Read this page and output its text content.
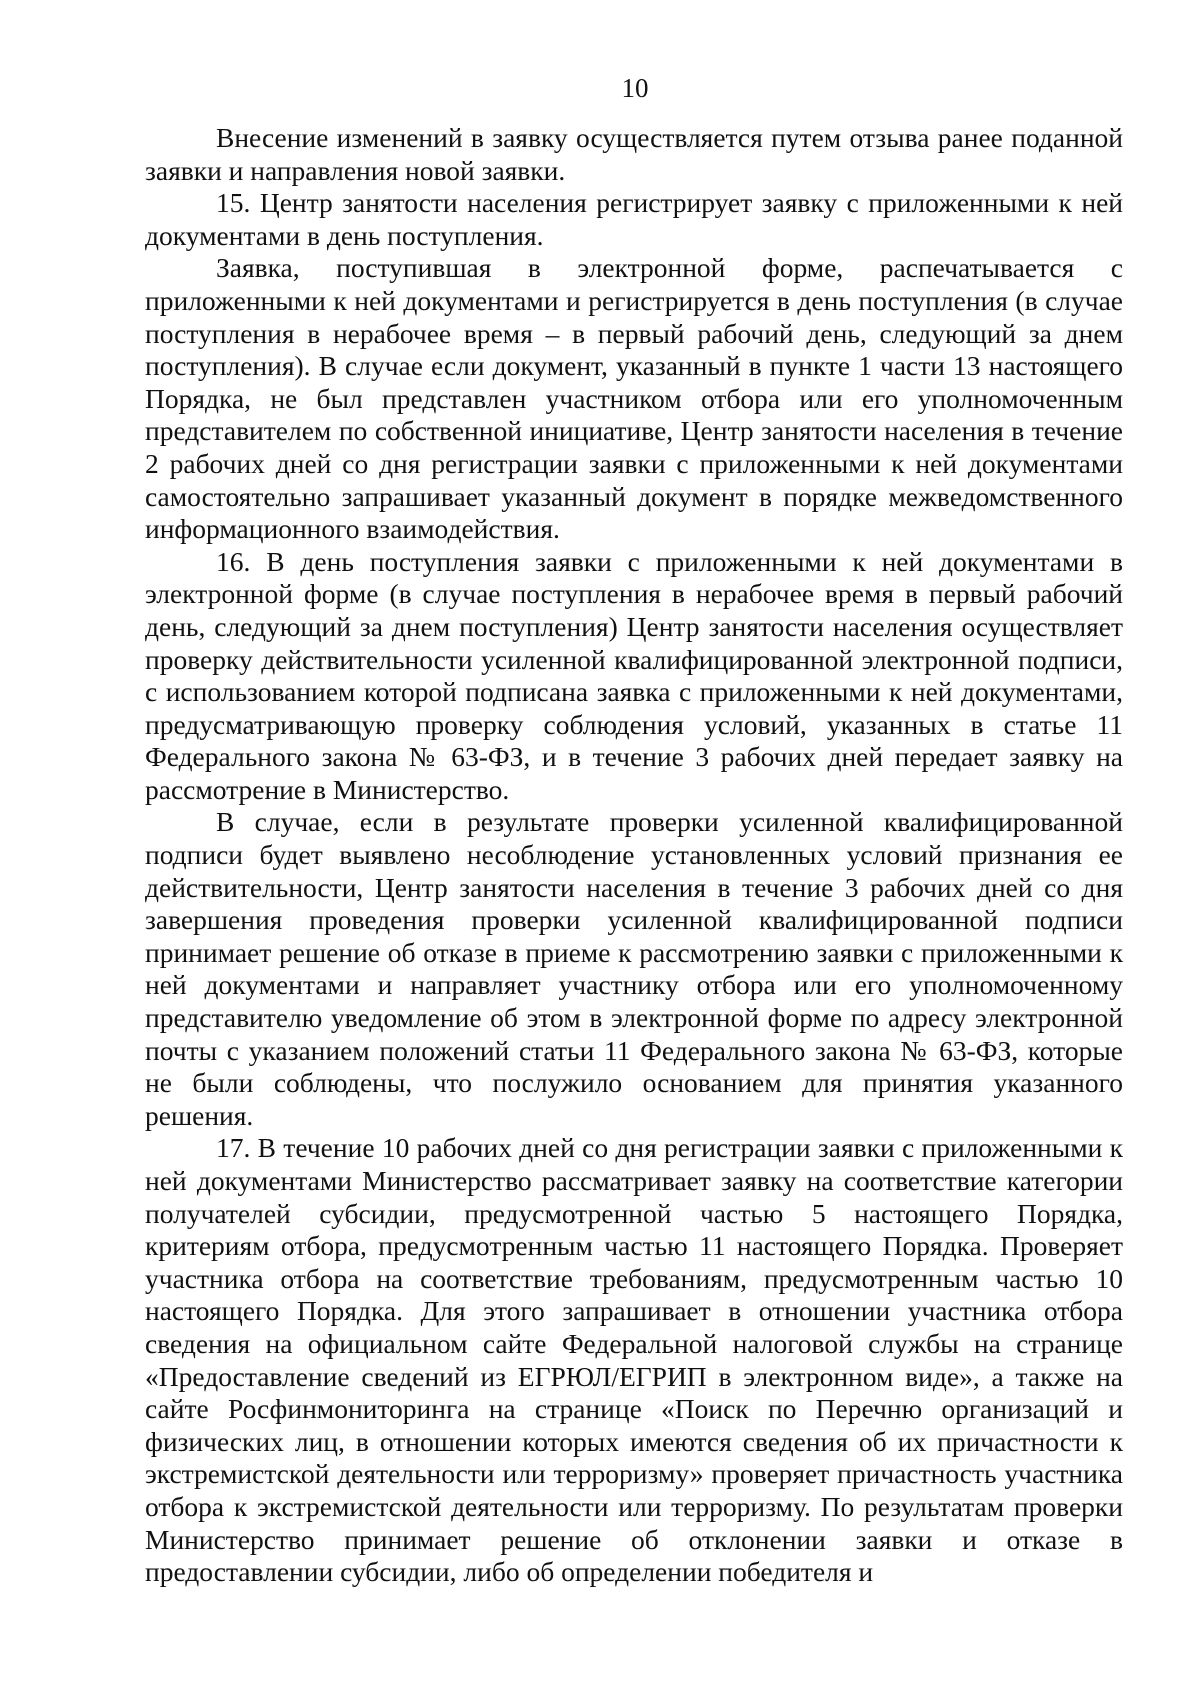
10

Внесение изменений в заявку осуществляется путем отзыва ранее поданной заявки и направления новой заявки.

15. Центр занятости населения регистрирует заявку с приложенными к ней документами в день поступления.

Заявка, поступившая в электронной форме, распечатывается с приложенными к ней документами и регистрируется в день поступления (в случае поступления в нерабочее время – в первый рабочий день, следующий за днем поступления). В случае если документ, указанный в пункте 1 части 13 настоящего Порядка, не был представлен участником отбора или его уполномоченным представителем по собственной инициативе, Центр занятости населения в течение 2 рабочих дней со дня регистрации заявки с приложенными к ней документами самостоятельно запрашивает указанный документ в порядке межведомственного информационного взаимодействия.

16. В день поступления заявки с приложенными к ней документами в электронной форме (в случае поступления в нерабочее время в первый рабочий день, следующий за днем поступления) Центр занятости населения осуществляет проверку действительности усиленной квалифицированной электронной подписи, с использованием которой подписана заявка с приложенными к ней документами, предусматривающую проверку соблюдения условий, указанных в статье 11 Федерального закона № 63-ФЗ, и в течение 3 рабочих дней передает заявку на рассмотрение в Министерство.

В случае, если в результате проверки усиленной квалифицированной подписи будет выявлено несоблюдение установленных условий признания ее действительности, Центр занятости населения в течение 3 рабочих дней со дня завершения проведения проверки усиленной квалифицированной подписи принимает решение об отказе в приеме к рассмотрению заявки с приложенными к ней документами и направляет участнику отбора или его уполномоченному представителю уведомление об этом в электронной форме по адресу электронной почты с указанием положений статьи 11 Федерального закона № 63-ФЗ, которые не были соблюдены, что послужило основанием для принятия указанного решения.

17. В течение 10 рабочих дней со дня регистрации заявки с приложенными к ней документами Министерство рассматривает заявку на соответствие категории получателей субсидии, предусмотренной частью 5 настоящего Порядка, критериям отбора, предусмотренным частью 11 настоящего Порядка. Проверяет участника отбора на соответствие требованиям, предусмотренным частью 10 настоящего Порядка. Для этого запрашивает в отношении участника отбора сведения на официальном сайте Федеральной налоговой службы на странице «Предоставление сведений из ЕГРЮЛ/ЕГРИП в электронном виде», а также на сайте Росфинмониторинга на странице «Поиск по Перечню организаций и физических лиц, в отношении которых имеются сведения об их причастности к экстремистской деятельности или терроризму» проверяет причастность участника отбора к экстремистской деятельности или терроризму. По результатам проверки Министерство принимает решение об отклонении заявки и отказе в предоставлении субсидии, либо об определении победителя и
